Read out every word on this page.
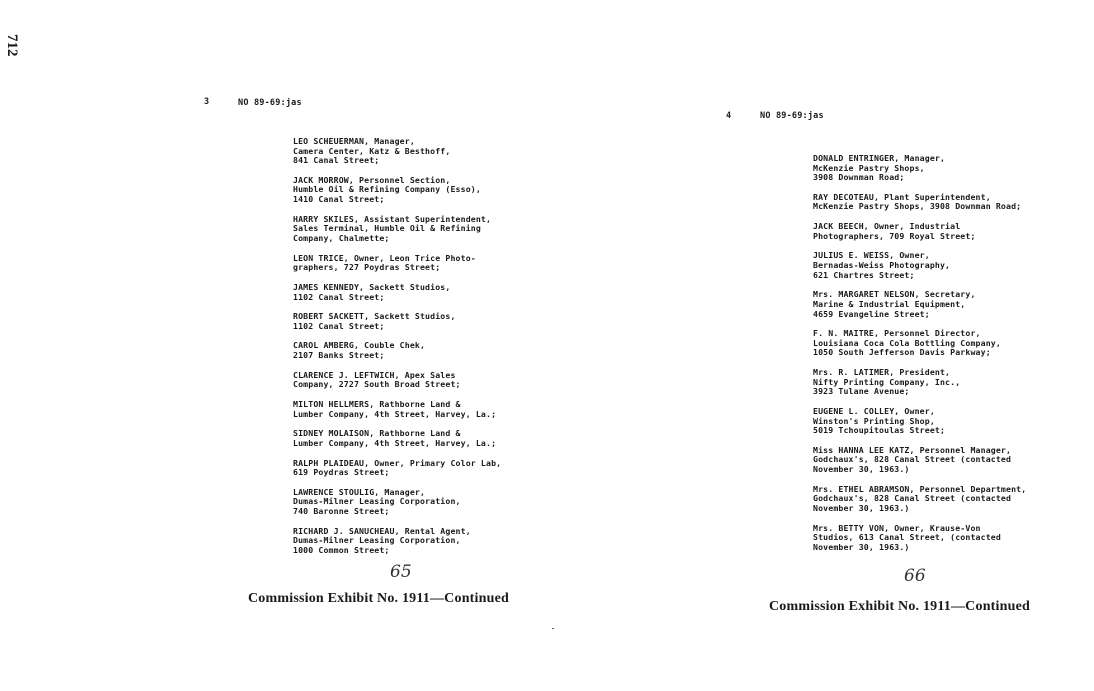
712
3	NO 89-69:jas
LEO SCHEUERMAN, Manager,
Camera Center, Katz & Besthoff,
841 Canal Street;
JACK MORROW, Personnel Section,
Humble Oil & Refining Company (Esso),
1410 Canal Street;
HARRY SKILES, Assistant Superintendent,
Sales Terminal, Humble Oil & Refining
Company, Chalmette;
LEON TRICE, Owner, Leon Trice Photo-
graphers, 727 Poydras Street;
JAMES KENNEDY, Sackett Studios,
1102 Canal Street;
ROBERT SACKETT, Sackett Studios,
1102 Canal Street;
CAROL AMBERG, Couble Chek,
2107 Banks Street;
CLARENCE J. LEFTWICH, Apex Sales
Company, 2727 South Broad Street;
MILTON HELLMERS, Rathborne Land &
Lumber Company, 4th Street, Harvey, La.;
SIDNEY MOLAISON, Rathborne Land &
Lumber Company, 4th Street, Harvey, La.;
RALPH PLAIDEAU, Owner, Primary Color Lab,
619 Poydras Street;
LAWRENCE STOULIG, Manager,
Dumas-Milner Leasing Corporation,
740 Baronne Street;
RICHARD J. SANUCHEAU, Rental Agent,
Dumas-Milner Leasing Corporation,
1000 Common Street;
65
Commission Exhibit No. 1911—Continued
4	NO 89-69:jas
DONALD ENTRINGER, Manager,
McKenzie Pastry Shops,
3908 Downman Road;
RAY DECOTEAU, Plant Superintendent,
McKenzie Pastry Shops, 3908 Downman Road;
JACK BEECH, Owner, Industrial
Photographers, 709 Royal Street;
JULIUS E. WEISS, Owner,
Bernadas-Weiss Photography,
621 Chartres Street;
Mrs. MARGARET NELSON, Secretary,
Marine & Industrial Equipment,
4659 Evangeline Street;
F. N. MAITRE, Personnel Director,
Louisiana Coca Cola Bottling Company,
1050 South Jefferson Davis Parkway;
Mrs. R. LATIMER, President,
Nifty Printing Company, Inc.,
3923 Tulane Avenue;
EUGENE L. COLLEY, Owner,
Winston's Printing Shop,
5019 Tchoupitoulas Street;
Miss HANNA LEE KATZ, Personnel Manager,
Godchaux's, 828 Canal Street (contacted
November 30, 1963.)
Mrs. ETHEL ABRAMSON, Personnel Department,
Godchaux's, 828 Canal Street (contacted
November 30, 1963.)
Mrs. BETTY VON, Owner, Krause-Von
Studios, 613 Canal Street, (contacted
November 30, 1963.)
66
Commission Exhibit No. 1911—Continued
